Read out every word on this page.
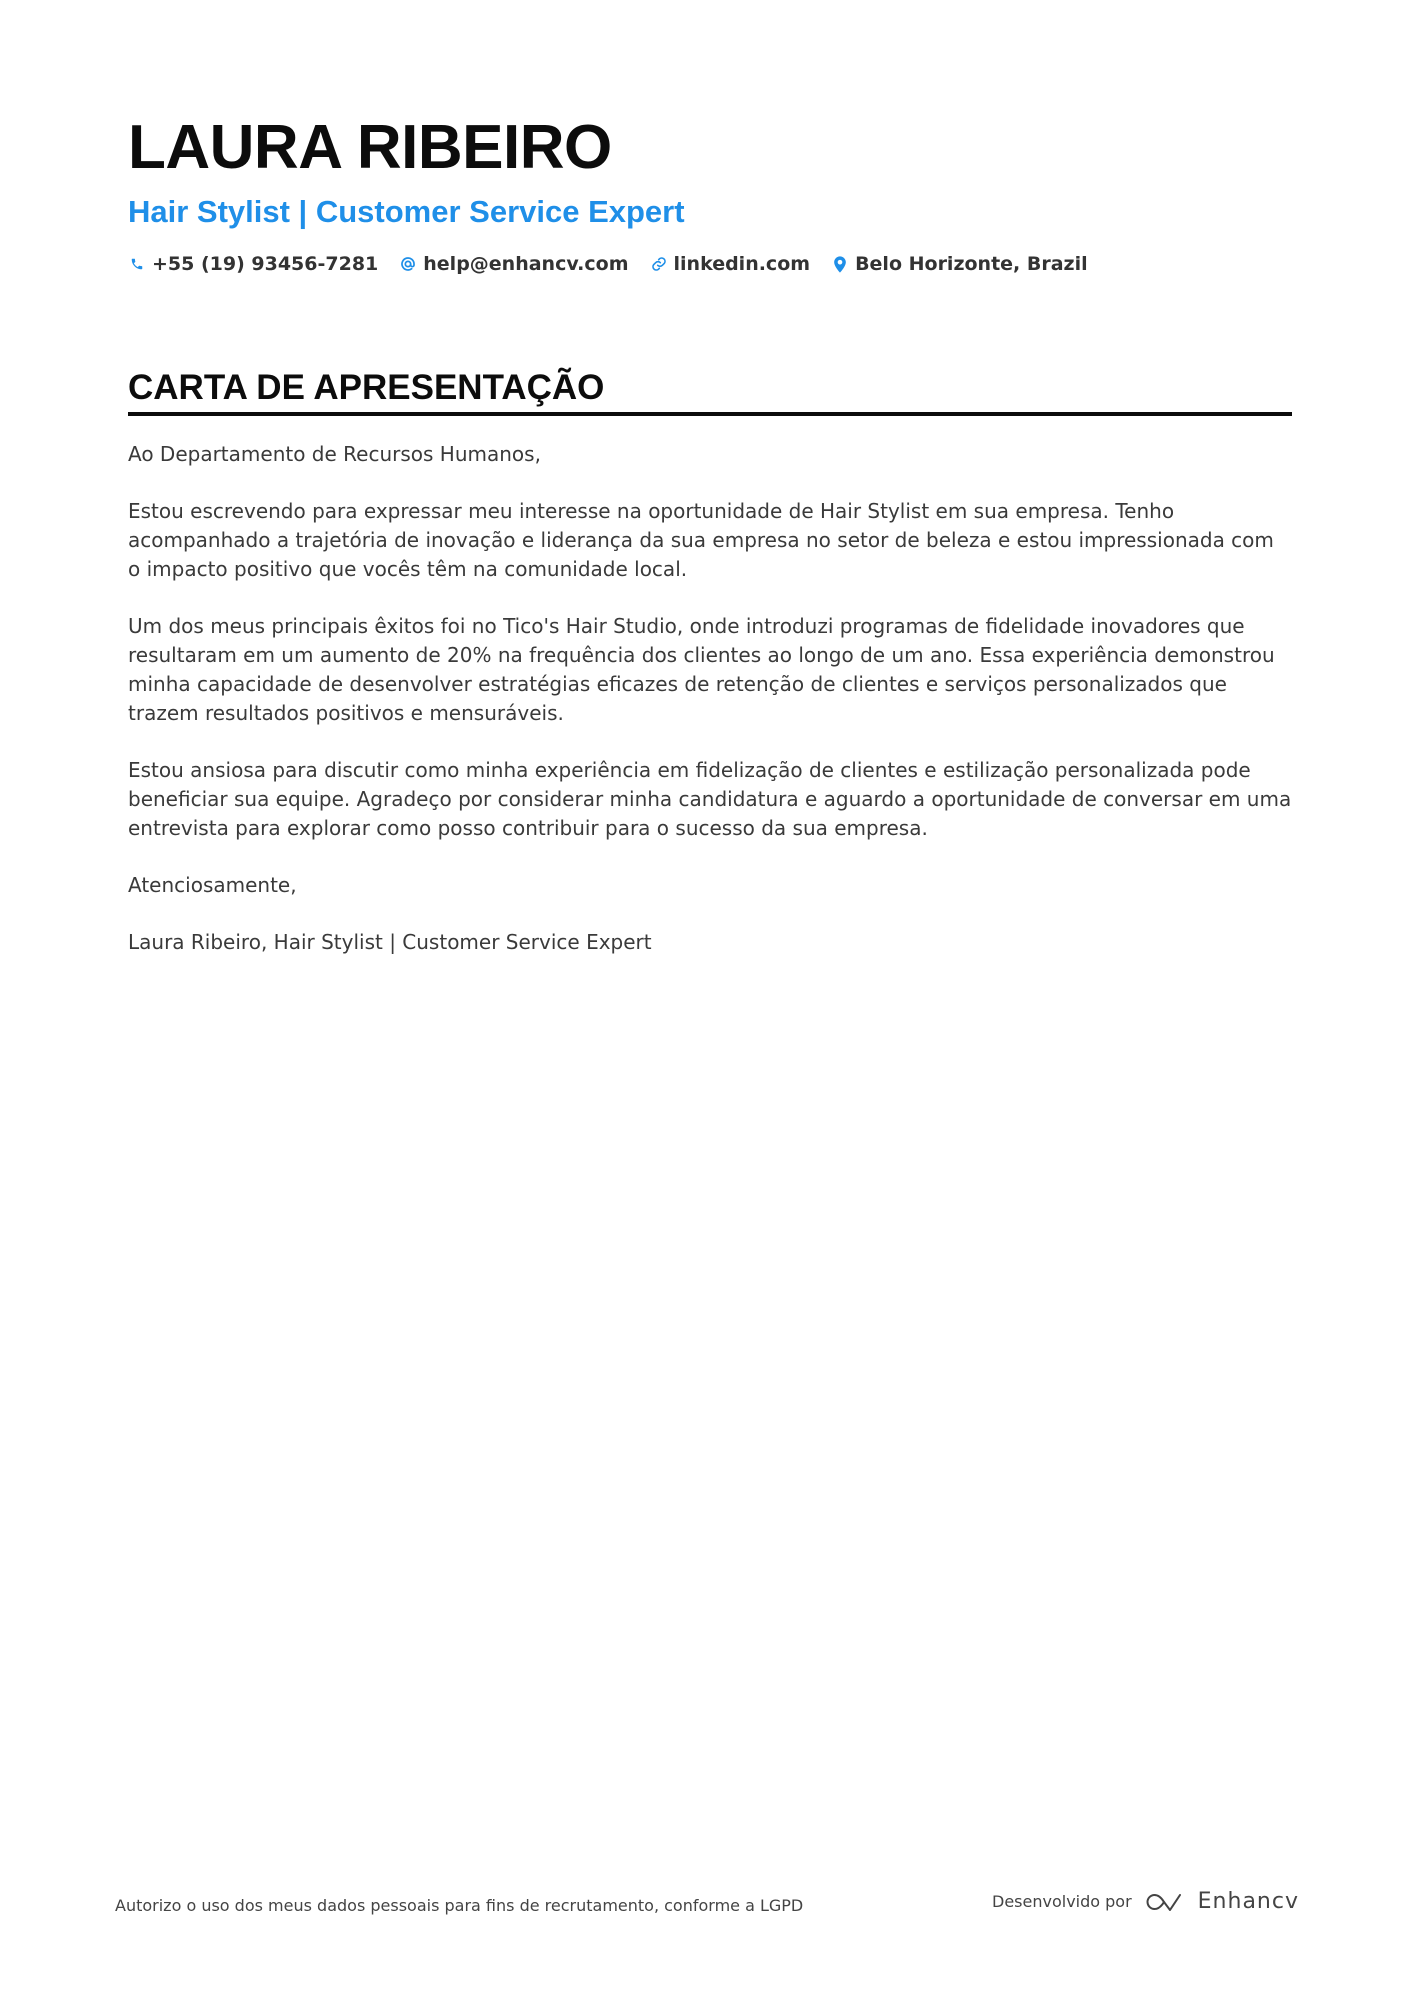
LAURA RIBEIRO
Hair Stylist | Customer Service Expert
+55 (19) 93456-7281 help@enhancv.com linkedin.com Belo Horizonte, Brazil
CARTA DE APRESENTAÇÃO

Ao Departamento de Recursos Humanos,

Estou escrevendo para expressar meu interesse na oportunidade de Hair Stylist em sua empresa. Tenho acompanhado a trajetória de inovação e liderança da sua empresa no setor de beleza e estou impressionada com o impacto positivo que vocês têm na comunidade local.

Um dos meus principais êxitos foi no Tico's Hair Studio, onde introduzi programas de fidelidade inovadores que resultaram em um aumento de 20% na frequência dos clientes ao longo de um ano. Essa experiência demonstrou minha capacidade de desenvolver estratégias eficazes de retenção de clientes e serviços personalizados que trazem resultados positivos e mensuráveis.

Estou ansiosa para discutir como minha experiência em fidelização de clientes e estilização personalizada pode beneficiar sua equipe. Agradeço por considerar minha candidatura e aguardo a oportunidade de conversar em uma entrevista para explorar como posso contribuir para o sucesso da sua empresa.

Atenciosamente,

Laura Ribeiro, Hair Stylist | Customer Service Expert

Autorizo o uso dos meus dados pessoais para fins de recrutamento, conforme a LGPD	Desenvolvido por	Enhancv
